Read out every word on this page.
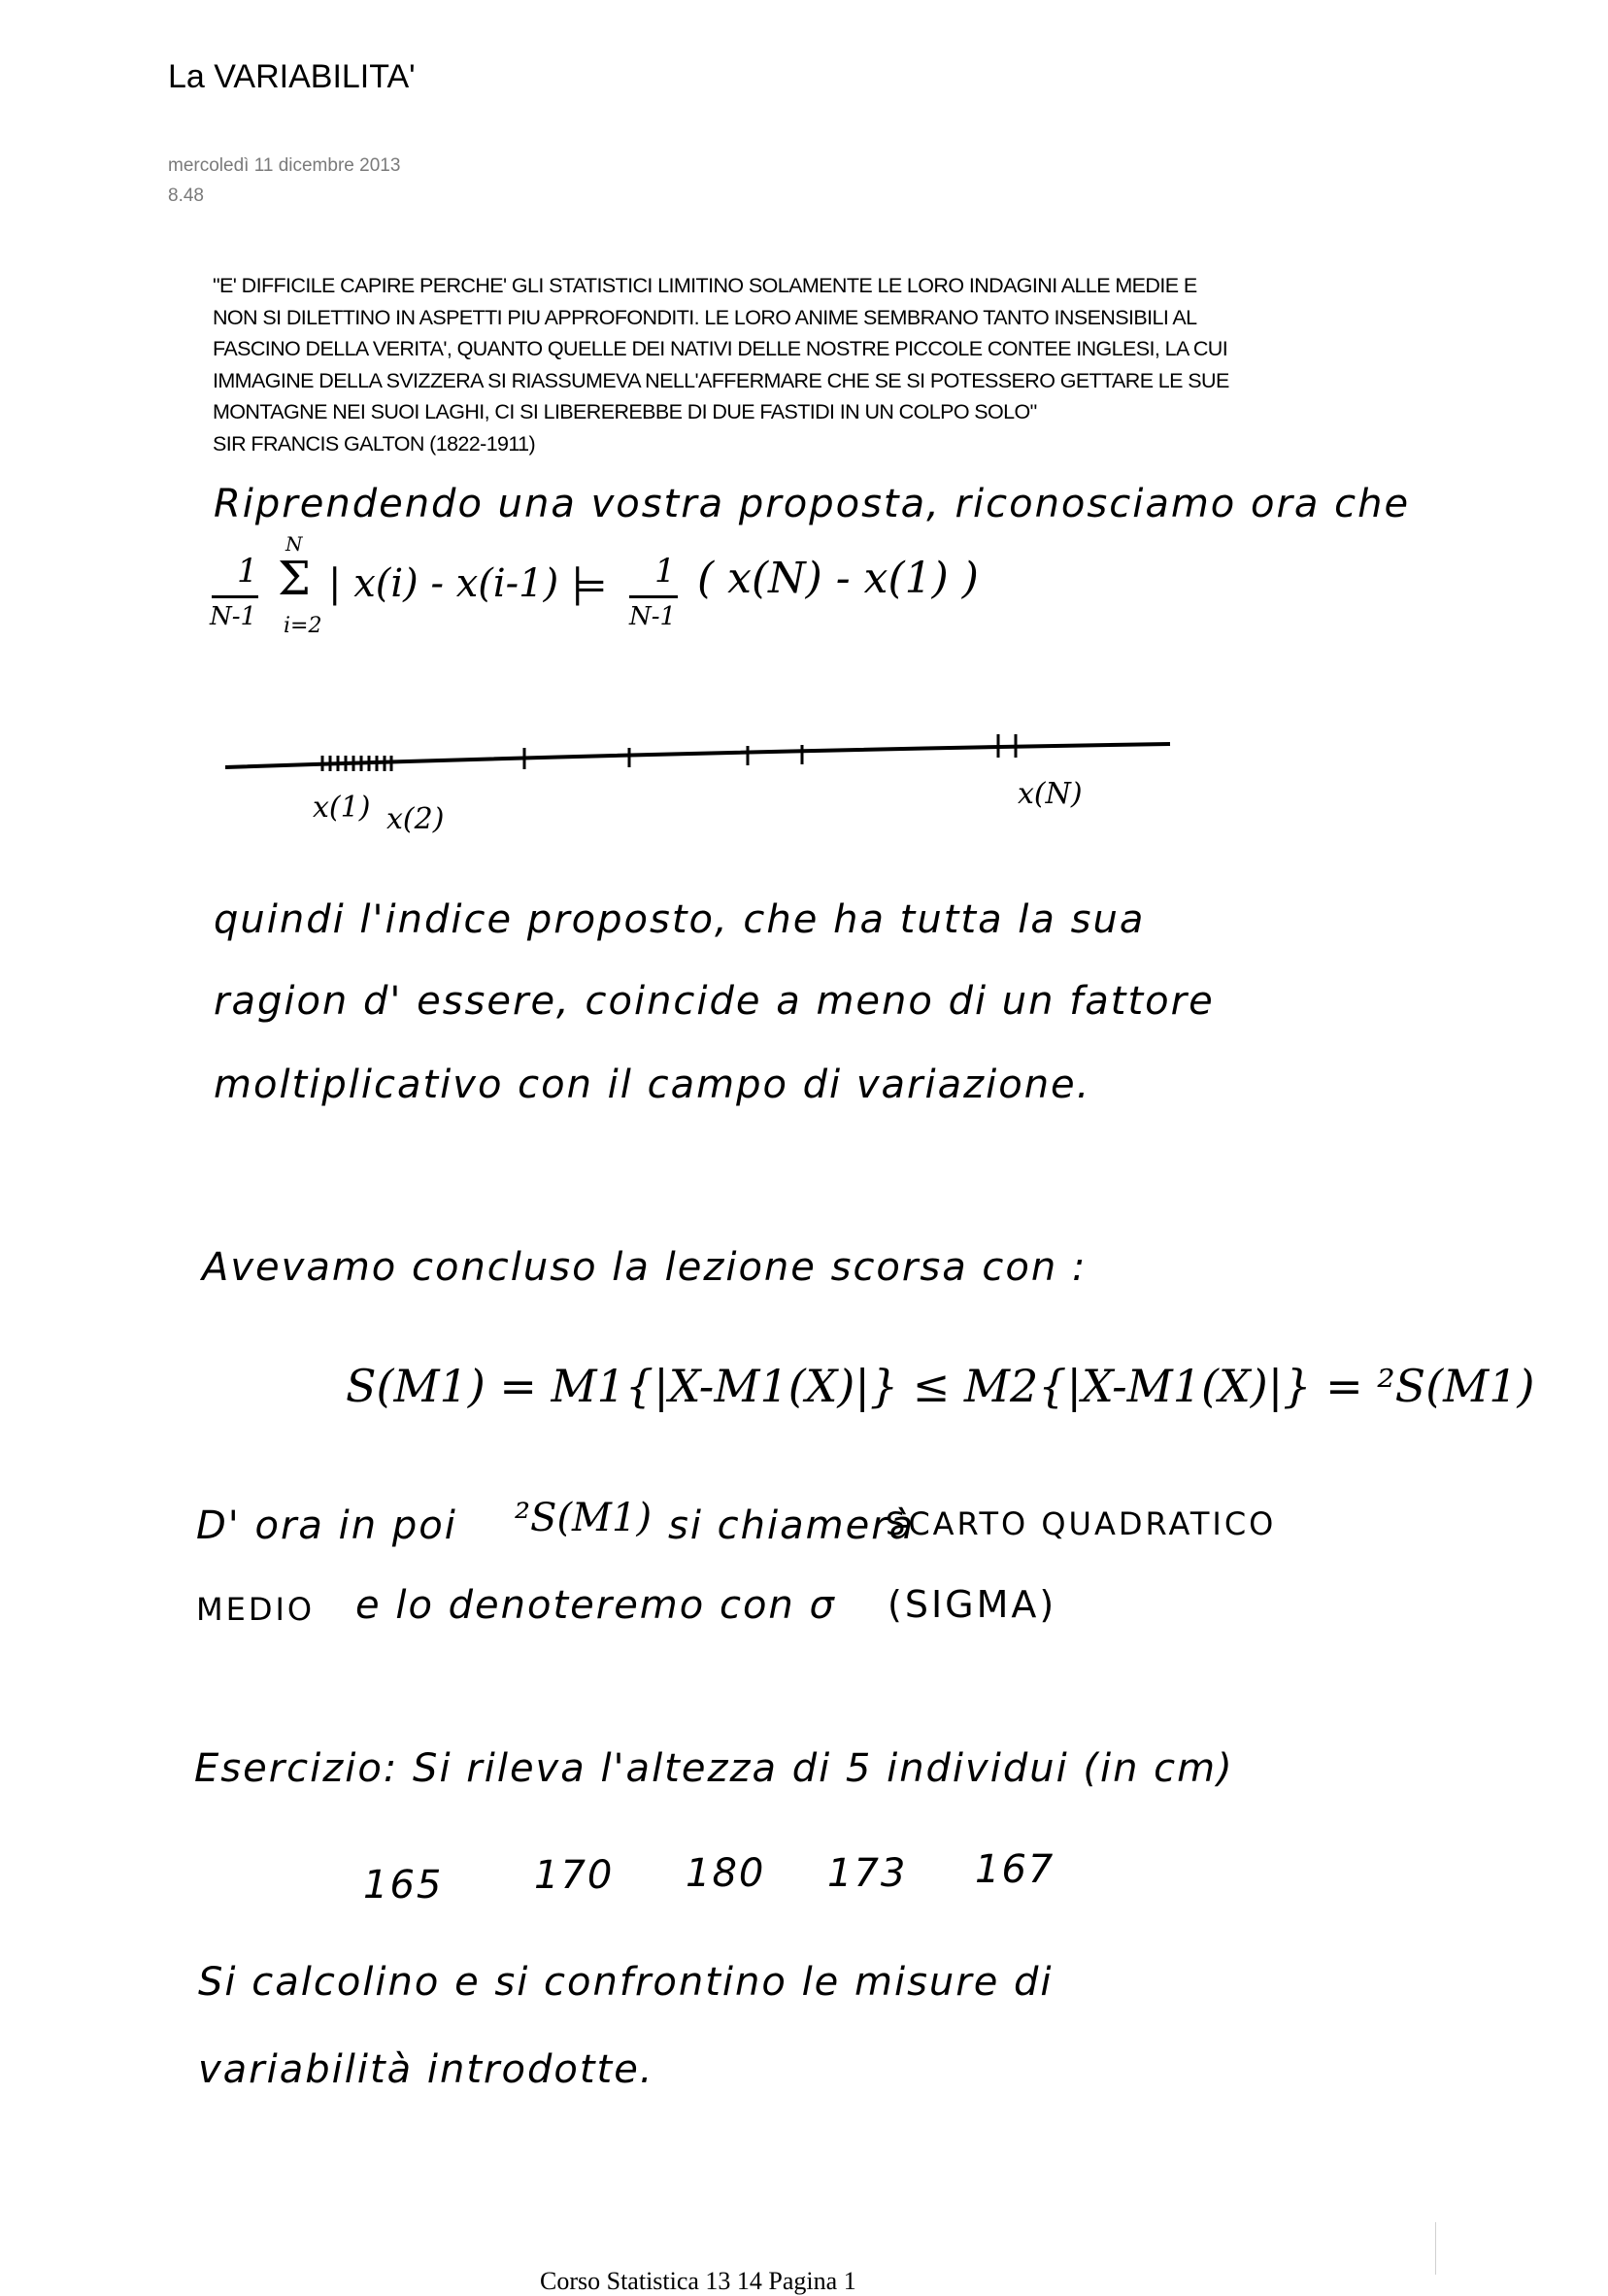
La VARIABILITA'
mercoledì 11 dicembre 2013
8.48
"E' DIFFICILE CAPIRE PERCHE' GLI STATISTICI LIMITINO SOLAMENTE LE LORO INDAGINI ALLE MEDIE E
NON SI DILETTINO IN ASPETTI PIU APPROFONDITI. LE LORO ANIME SEMBRANO TANTO INSENSIBILI AL
FASCINO DELLA VERITA', QUANTO QUELLE DEI NATIVI DELLE NOSTRE PICCOLE CONTEE INGLESI, LA CUI
IMMAGINE DELLA SVIZZERA SI RIASSUMEVA NELL'AFFERMARE CHE SE SI POTESSERO GETTARE LE SUE
MONTAGNE NEI SUOI LAGHI, CI SI LIBEREREBBE DI DUE FASTIDI IN UN COLPO SOLO"
SIR FRANCIS GALTON (1822-1911)
Riprendendo una vostra proposta, riconosciamo ora che
1
N-1
N
Σ
i=2
| x(i) - x(i-1) |
= 1
N-1
( x(N) - x(1) )
x(1) x(2)
x(N)
quindi l'indice proposto, che ha tutta la sua
ragion d' essere, coincide a meno di un fattore
moltiplicativo con il campo di variazione.
Avevamo concluso la lezione scorsa con :
S(M1) = M1{|X-M1(X)|} ≤ M2{|X-M1(X)|} = ²S(M1)
D' ora in poi ²S(M1) si chiamerà
SCARTO QUADRATICO
MEDIO e lo denoteremo con σ (SIGMA)
Esercizio: Si rileva l'altezza di 5 individui (in cm)
165 170 180 173 167
Si calcolino e si confrontino le misure di
variabilità introdotte.
Corso Statistica 13 14 Pagina 1
